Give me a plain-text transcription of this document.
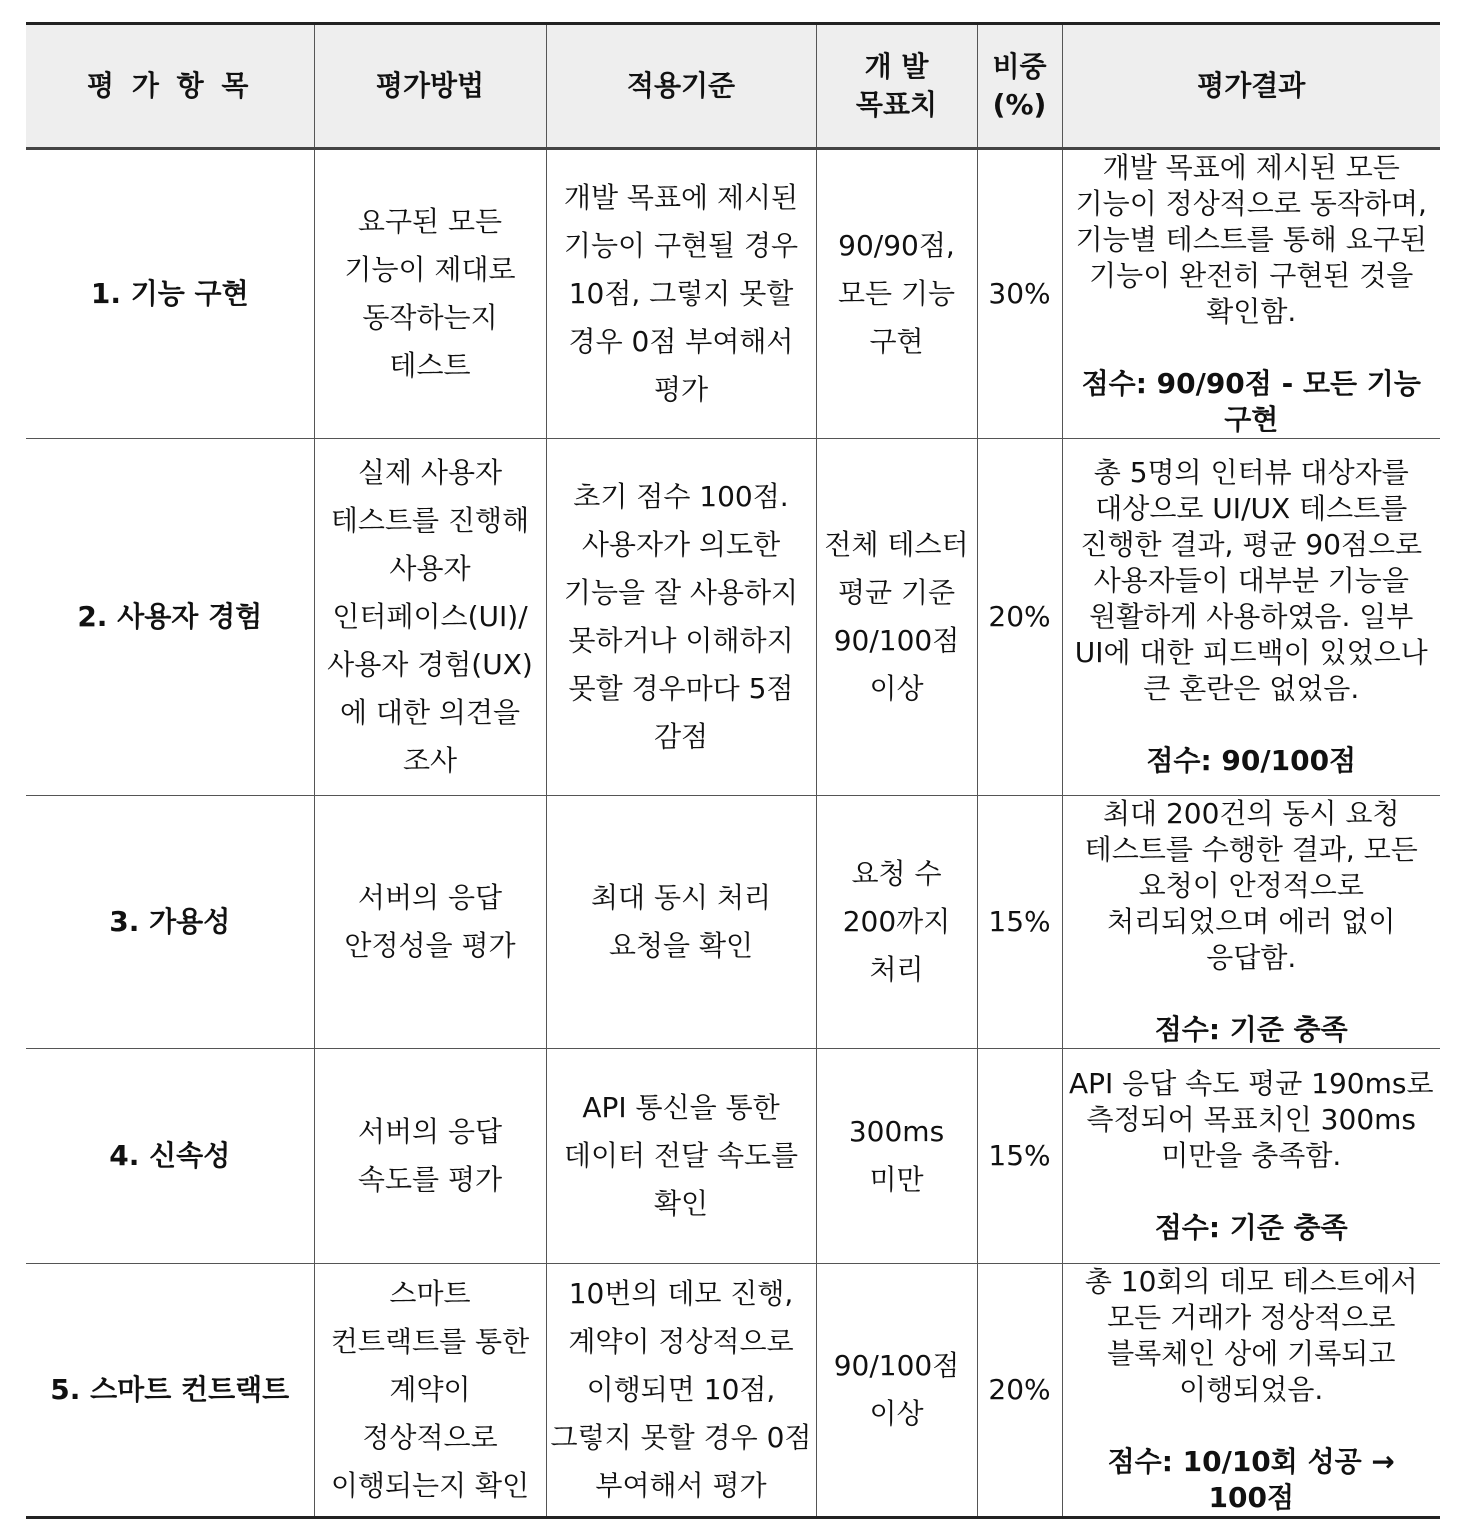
평 가 항 목	평가방법	적용기준	개 발 목표치	비중 (%)	평가결과
1. 기능 구현	요구된 모든 기능이 제대로 동작하는지 테스트	개발 목표에 제시된 기능이 구현될 경우 10점, 그렇지 못할 경우 0점 부여해서 평가	90/90점, 모든 기능 구현	30%	개발 목표에 제시된 모든 기능이 정상적으로 동작하며, 기능별 테스트를 통해 요구된 기능이 완전히 구현된 것을 확인함.
점수: 90/90점 - 모든 기능 구현

2. 사용자 경험	실제 사용자 테스트를 진행해 사용자 인터페이스(UI)/ 사용자 경험(UX)에 대한 의견을 조사	초기 점수 100점. 사용자가 의도한 기능을 잘 사용하지 못하거나 이해하지 못할 경우마다 5점 감점	전체 테스터 평균 기준 90/100점 이상	20%	총 5명의 인터뷰 대상자를 대상으로 UI/UX 테스트를 진행한 결과, 평균 90점으로 사용자들이 대부분 기능을 원활하게 사용하였음. 일부 UI에 대한 피드백이 있었으나 큰 혼란은 없었음.
점수: 90/100점

3. 가용성	서버의 응답 안정성을 평가	최대 동시 처리 요청을 확인	요청 수 200까지 처리	15%	최대 200건의 동시 요청 테스트를 수행한 결과, 모든 요청이 안정적으로 처리되었으며 에러 없이 응답함.
점수: 기준 충족

4. 신속성	서버의 응답 속도를 평가	API 통신을 통한 데이터 전달 속도를 확인	300ms 미만	15%	API 응답 속도 평균 190ms로 측정되어 목표치인 300ms 미만을 충족함.
점수: 기준 충족

5. 스마트 컨트랙트	스마트 컨트랙트를 통한 계약이 정상적으로 이행되는지 확인	10번의 데모 진행, 계약이 정상적으로 이행되면 10점, 그렇지 못할 경우 0점 부여해서 평가	90/100점 이상	20%	총 10회의 데모 테스트에서 모든 거래가 정상적으로 블록체인 상에 기록되고 이행되었음.
점수: 10/10회 성공 → 100점
